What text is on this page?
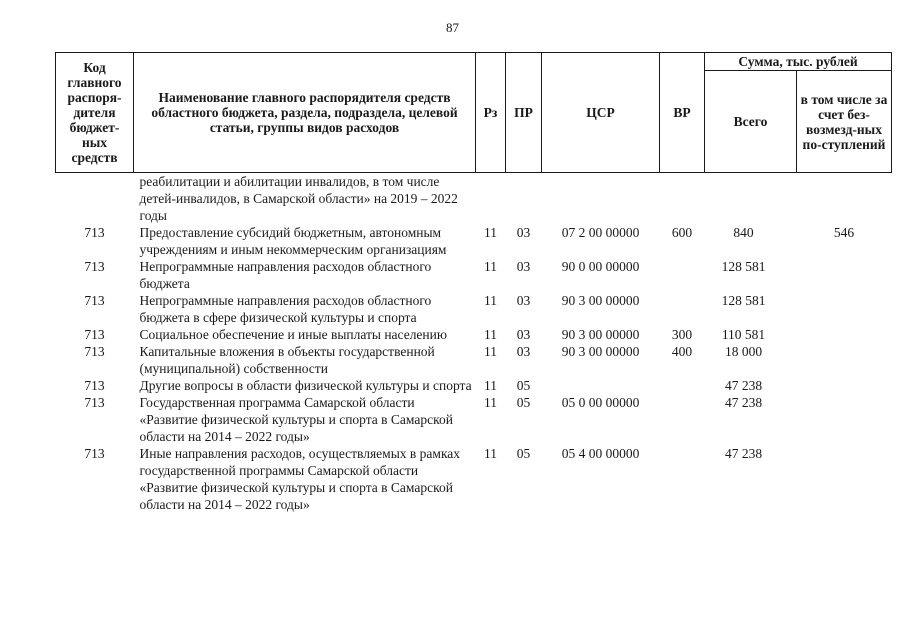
87
Код главного распоря-дителя бюджет-ных средств	Наименование главного распорядителя средств областного бюджета, раздела, подраздела, целевой статьи, группы видов расходов	Рз	ПР	ЦСР	ВР	Сумма, тыс. рублей	
						Всего	в том числе за счет без-возмезд-ных по-ступлений
	реабилитации и абилитации инвалидов, в том числе детей-инвалидов, в Самарской области» на 2019 – 2022 годы						
713	Предоставление субсидий бюджетным, автономным учреждениям и иным некоммерческим организациям	11	03	07 2 00 00000	600	840	546
713	Непрограммные направления расходов областного бюджета	11	03	90 0 00 00000		128 581	
713	Непрограммные направления расходов областного бюджета в сфере физической культуры и спорта	11	03	90 3 00 00000		128 581	
713	Социальное обеспечение и иные выплаты населению	11	03	90 3 00 00000	300	110 581	
713	Капитальные вложения в объекты государственной (муниципальной) собственности	11	03	90 3 00 00000	400	18 000	
713	Другие вопросы в области физической культуры и спорта	11	05			47 238	
713	Государственная программа Самарской области «Развитие физической культуры и спорта в Самарской области на 2014 – 2022 годы»	11	05	05 0 00 00000		47 238	
713	Иные направления расходов, осуществляемых в рамках государственной программы Самарской области «Развитие физической культуры и спорта в Самарской области на 2014 – 2022 годы»	11	05	05 4 00 00000		47 238	
